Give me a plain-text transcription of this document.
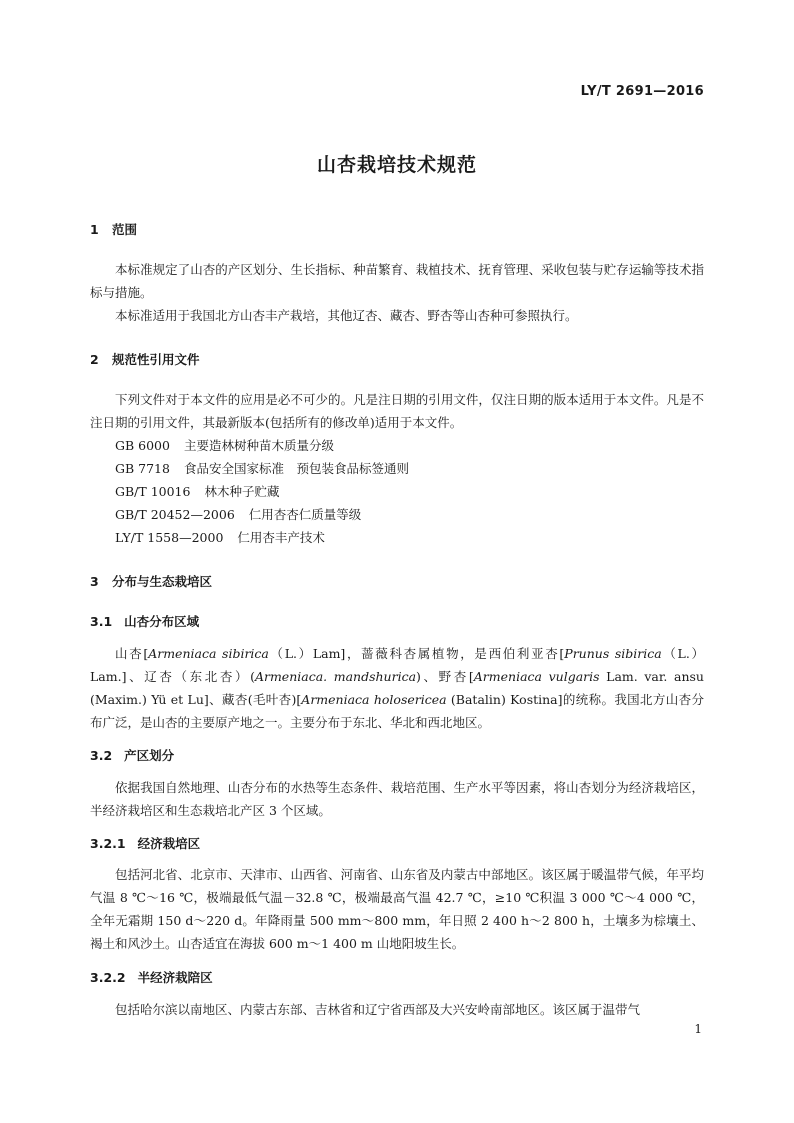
LY/T 2691—2016
山杏栽培技术规范
1 范围

本标准规定了山杏的产区划分、生长指标、种苗繁育、栽植技术、抚育管理、采收包装与贮存运输等技术指标与措施。

本标准适用于我国北方山杏丰产栽培，其他辽杏、藏杏、野杏等山杏种可参照执行。

2 规范性引用文件

下列文件对于本文件的应用是必不可少的。凡是注日期的引用文件，仅注日期的版本适用于本文件。凡是不注日期的引用文件，其最新版本(包括所有的修改单)适用于本文件。

GB 6000 主要造林树种苗木质量分级
GB 7718 食品安全国家标准　预包装食品标签通则
GB/T 10016 林木种子贮藏
GB/T 20452—2006 仁用杏杏仁质量等级
LY/T 1558—2000 仁用杏丰产技术
3 分布与生态栽培区
3.1 山杏分布区域

山杏[Armeniaca sibirica（L.）Lam]，蔷薇科杏属植物，是西伯利亚杏[Prunus sibirica（L.）Lam.]、辽杏（东北杏）(Armeniaca. mandshurica)、野杏[Armeniaca vulgaris Lam. var. ansu (Maxim.) Yü et Lu]、藏杏(毛叶杏)[Armeniaca holosericea (Batalin) Kostina]的统称。我国北方山杏分布广泛，是山杏的主要原产地之一。主要分布于东北、华北和西北地区。

3.2 产区划分

依据我国自然地理、山杏分布的水热等生态条件、栽培范围、生产水平等因素，将山杏划分为经济栽培区，半经济栽培区和生态栽培北产区 3 个区域。

3.2.1 经济栽培区

包括河北省、北京市、天津市、山西省、河南省、山东省及内蒙古中部地区。该区属于暖温带气候，年平均气温 8 ℃～16 ℃，极端最低气温－32.8 ℃，极端最高气温 42.7 ℃，≥10 ℃积温 3 000 ℃～4 000 ℃，全年无霜期 150 d～220 d。年降雨量 500 mm～800 mm，年日照 2 400 h～2 800 h，土壤多为棕壤土、褐土和风沙土。山杏适宜在海拔 600 m～1 400 m 山地阳坡生长。

3.2.2 半经济栽陪区

包括哈尔滨以南地区、内蒙古东部、吉林省和辽宁省西部及大兴安岭南部地区。该区属于温带气

1
